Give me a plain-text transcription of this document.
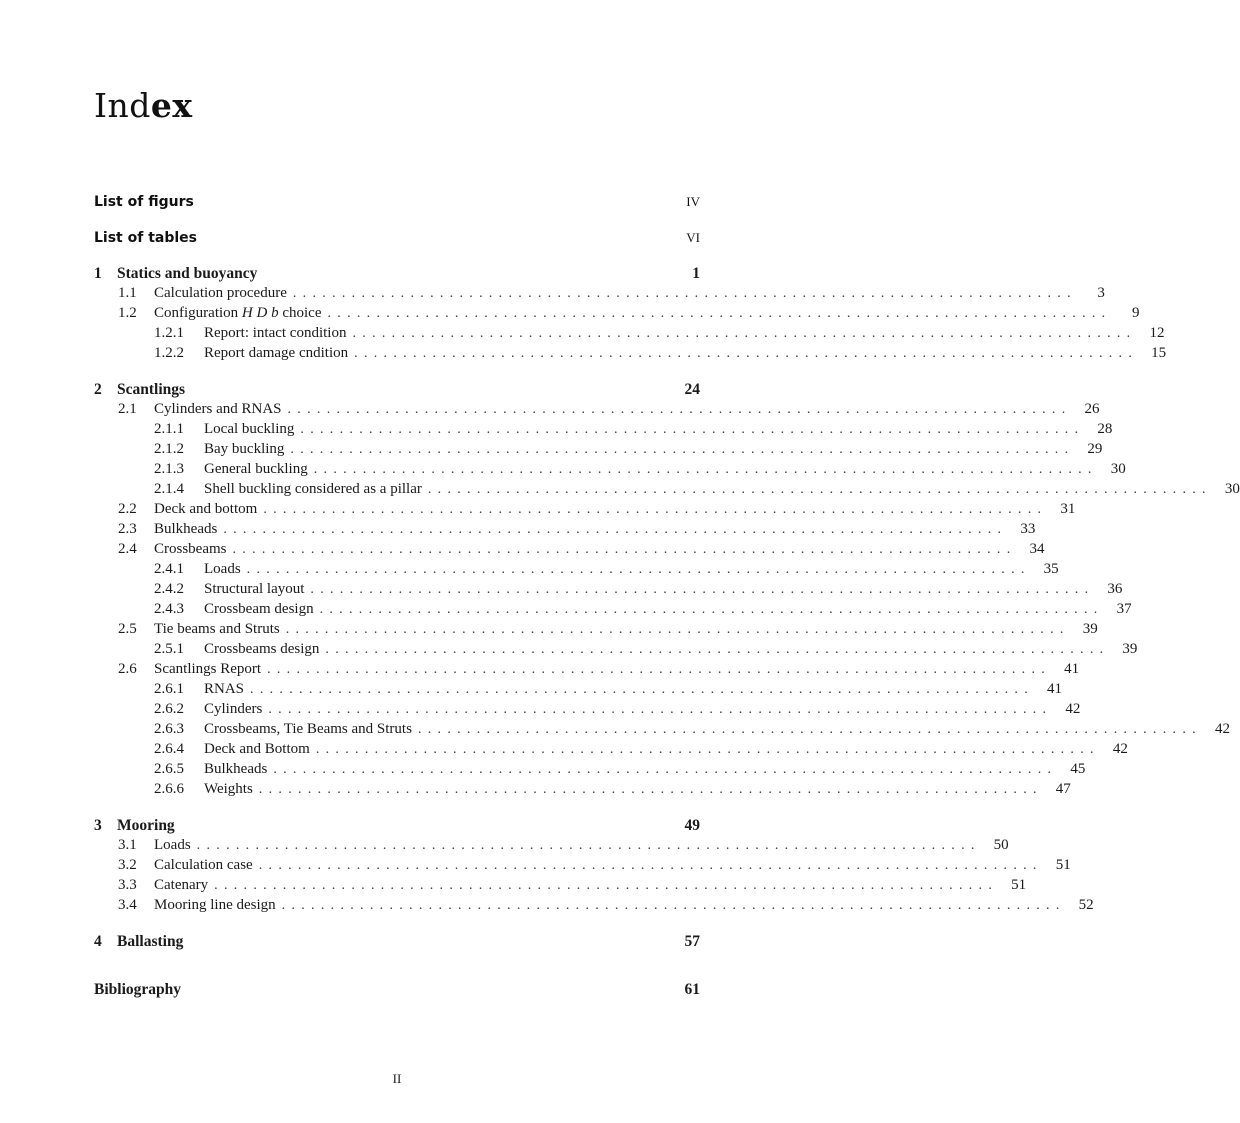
Index
List of figurs	IV
List of tables	VI
1 Statics and buoyancy	1
1.1	Calculation procedure ................................................................................	3
1.2	Configuration H D b choice ................................................................................	9
1.2.1	Report: intact condition ................................................................................ 12
1.2.2	Report damage cndition ................................................................................ 15
2 Scantlings	24
2.1	Cylinders and RNAS ................................................................................ 26
2.1.1	Local buckling ................................................................................ 28
2.1.2	Bay buckling ................................................................................ 29
2.1.3	General buckling ................................................................................ 30
2.1.4	Shell buckling considered as a pillar ................................................................................ 30
2.2	Deck and bottom ................................................................................ 31
2.3	Bulkheads ................................................................................ 33
2.4	Crossbeams ................................................................................ 34
2.4.1	Loads ................................................................................ 35
2.4.2	Structural layout ................................................................................ 36
2.4.3	Crossbeam design ................................................................................ 37
2.5	Tie beams and Struts ................................................................................ 39
2.5.1	Crossbeams design ................................................................................ 39
2.6	Scantlings Report ................................................................................ 41
2.6.1	RNAS ................................................................................ 41
2.6.2	Cylinders ................................................................................ 42
2.6.3	Crossbeams, Tie Beams and Struts ................................................................................ 42
2.6.4	Deck and Bottom ................................................................................ 42
2.6.5	Bulkheads ................................................................................ 45
2.6.6	Weights ................................................................................ 47
3 Mooring	49
3.1	Loads ................................................................................ 50
3.2	Calculation case ................................................................................ 51
3.3	Catenary ................................................................................ 51
3.4	Mooring line design ................................................................................ 52
4 Ballasting	57
Bibliography	61
II
